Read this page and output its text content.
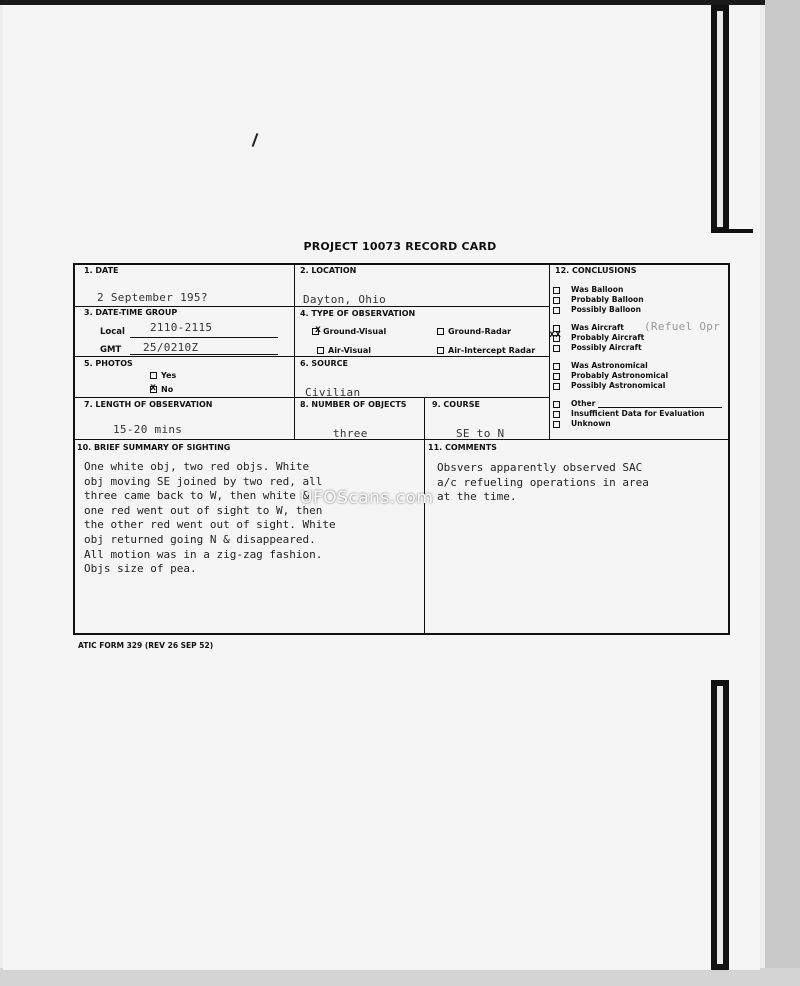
PROJECT 10073 RECORD CARD
1. DATE
2 September 195?
2. LOCATION
Dayton, Ohio
3. DATE-TIME GROUP
Local 2110-2115
GMT 25/0210Z
4. TYPE OF OBSERVATION
Ground-Visual
x	Ground-Radar
Air-Visual	Air-Intercept Radar
5. PHOTOS
Yes
No
x
6. SOURCE
Civilian
7. LENGTH OF OBSERVATION
15-20 mins
8. NUMBER OF OBJECTS
three
9. COURSE
SE to N
12. CONCLUSIONS
Was Balloon
Probably Balloon
Possibly Balloon
Was Aircraft
Probably Aircraft
xx
Possibly Aircraft
Was Astronomical
Probably Astronomical
Possibly Astronomical
Other
Insufficient Data for Evaluation
Unknown
(Refuel Opr
10. BRIEF SUMMARY OF SIGHTING
One white obj, two red objs. White
obj moving SE joined by two red, all
three came back to W, then white &
one red went out of sight to W, then
the other red went out of sight. White
obj returned going N & disappeared.
All motion was in a zig-zag fashion.
Objs size of pea.
11. COMMENTS
Obsvers apparently observed SAC
a/c refueling operations in area
at the time.
UFOScans.com
ATIC FORM 329 (REV 26 SEP 52)
